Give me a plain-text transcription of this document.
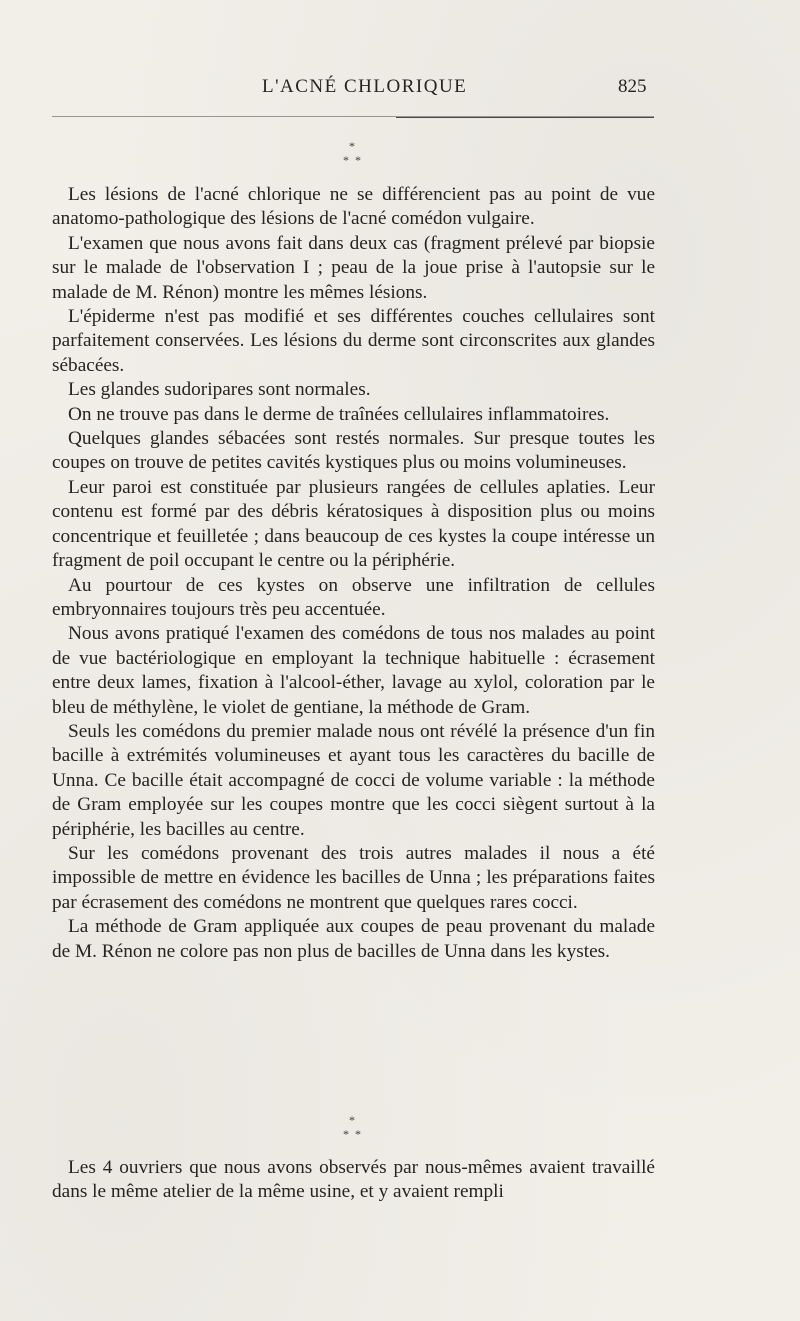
L'ACNÉ CHLORIQUE	825
*
* *

Les lésions de l'acné chlorique ne se différencient pas au point de vue anatomo-pathologique des lésions de l'acné comédon vulgaire.

L'examen que nous avons fait dans deux cas (fragment prélevé par biopsie sur le malade de l'observation I ; peau de la joue prise à l'autopsie sur le malade de M. Rénon) montre les mêmes lésions.

L'épiderme n'est pas modifié et ses différentes couches cellulaires sont parfaitement conservées. Les lésions du derme sont circonscrites aux glandes sébacées.

Les glandes sudoripares sont normales.

On ne trouve pas dans le derme de traînées cellulaires inflammatoires.

Quelques glandes sébacées sont restés normales. Sur presque toutes les coupes on trouve de petites cavités kystiques plus ou moins volumineuses.

Leur paroi est constituée par plusieurs rangées de cellules aplaties. Leur contenu est formé par des débris kératosiques à disposition plus ou moins concentrique et feuilletée ; dans beaucoup de ces kystes la coupe intéresse un fragment de poil occupant le centre ou la périphérie.

Au pourtour de ces kystes on observe une infiltration de cellules embryonnaires toujours très peu accentuée.

Nous avons pratiqué l'examen des comédons de tous nos malades au point de vue bactériologique en employant la technique habituelle : écrasement entre deux lames, fixation à l'alcool-éther, lavage au xylol, coloration par le bleu de méthylène, le violet de gentiane, la méthode de Gram.

Seuls les comédons du premier malade nous ont révélé la présence d'un fin bacille à extrémités volumineuses et ayant tous les caractères du bacille de Unna. Ce bacille était accompagné de cocci de volume variable : la méthode de Gram employée sur les coupes montre que les cocci siègent surtout à la périphérie, les bacilles au centre.

Sur les comédons provenant des trois autres malades il nous a été impossible de mettre en évidence les bacilles de Unna ; les préparations faites par écrasement des comédons ne montrent que quelques rares cocci.

La méthode de Gram appliquée aux coupes de peau provenant du malade de M. Rénon ne colore pas non plus de bacilles de Unna dans les kystes.

*
* *

Les 4 ouvriers que nous avons observés par nous-mêmes avaient travaillé dans le même atelier de la même usine, et y avaient rempli
